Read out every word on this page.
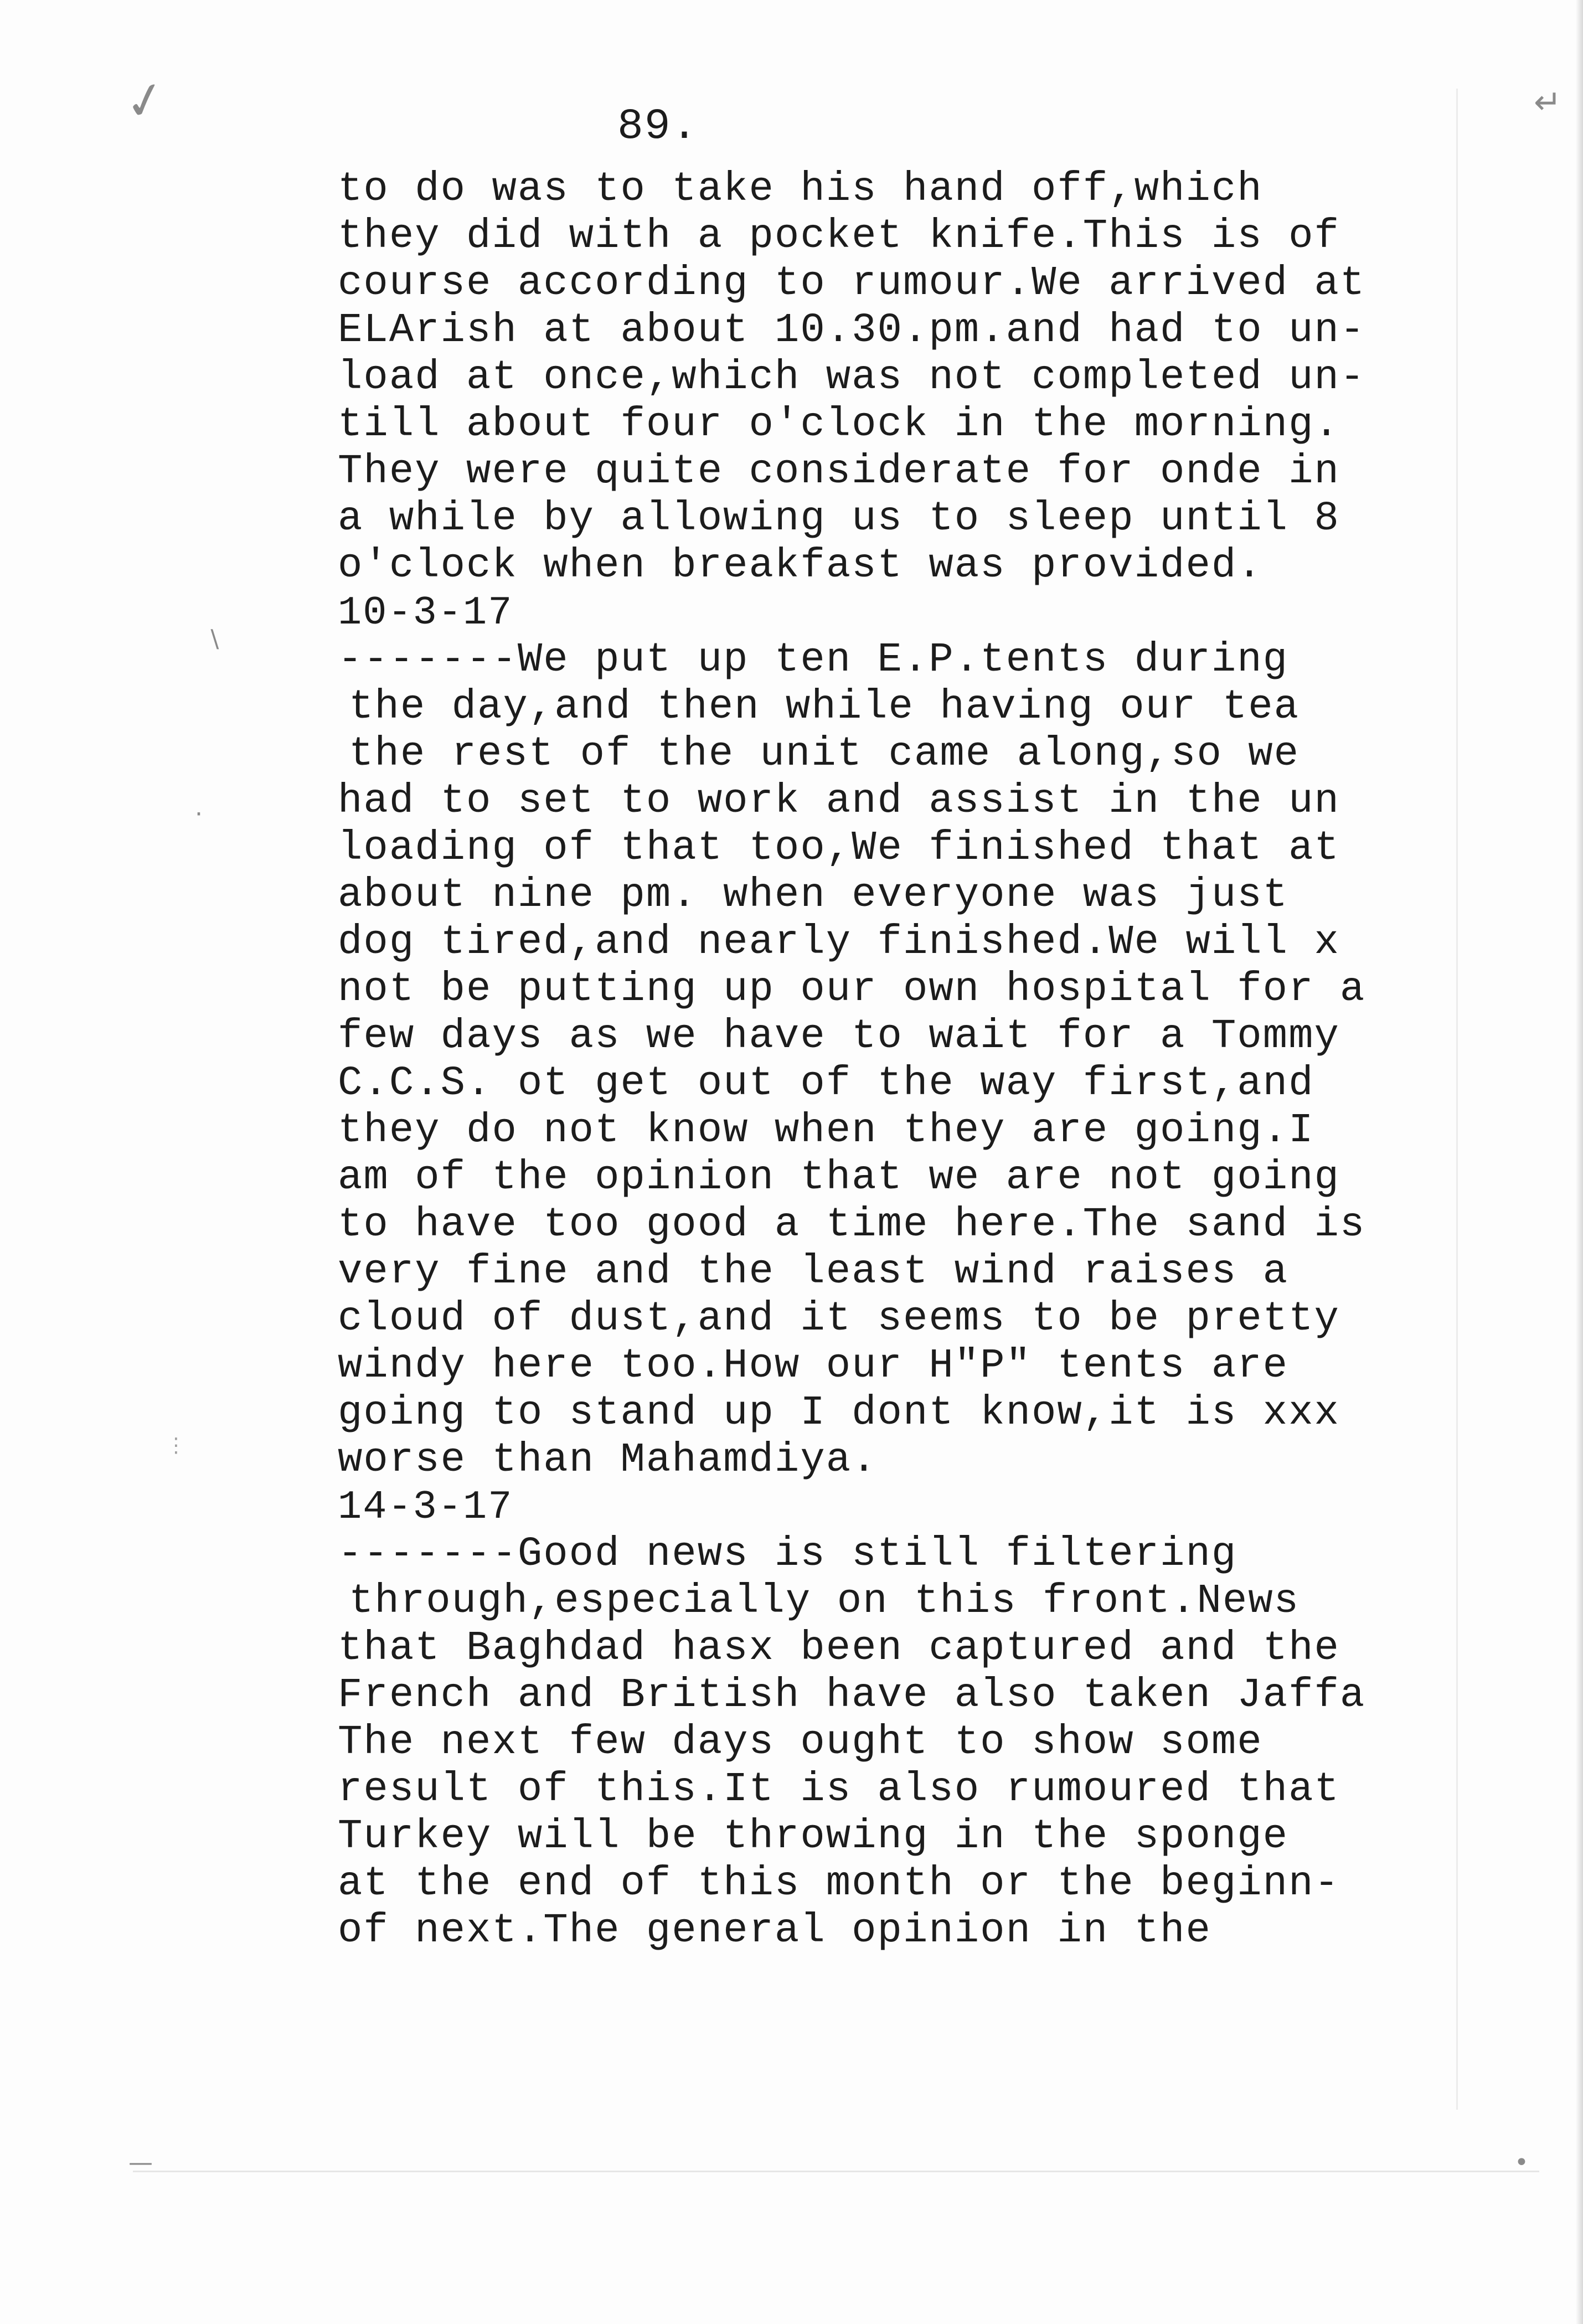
✓	↵
∖
·
⋮
—	•
89.
to do was to take his hand off,which
they did with a pocket knife.This is of
course according to rumour.We arrived at
ELArish at about 10.30.pm.and had to un-
load at once,which was not completed un-
till about four o'clock in the morning.
They were quite considerate for onde in
a while by allowing us to sleep until 8
o'clock when breakfast was provided.
10-3-17
-------We put up ten E.P.tents during
the day,and then while having our tea
the rest of the unit came along,so we
had to set to work and assist in the un
loading of that too,We finished that at
about nine pm. when everyone was just
dog tired,and nearly finished.We will x
not be putting up our own hospital for a
few days as we have to wait for a Tommy
C.C.S. ot get out of the way first,and
they do not know when they are going.I
am of the opinion that we are not going
to have too good a time here.The sand is
very fine and the least wind raises a
cloud of dust,and it seems to be pretty
windy here too.How our H"P" tents are
going to stand up I dont know,it is xxx
worse than Mahamdiya.
14-3-17
-------Good news is still filtering
through,especially on this front.News
that Baghdad hasx been captured and the
French and British have also taken Jaffa
The next few days ought to show some
result of this.It is also rumoured that
Turkey will be throwing in the sponge
at the end of this month or the beginn-
of next.The general opinion in the
